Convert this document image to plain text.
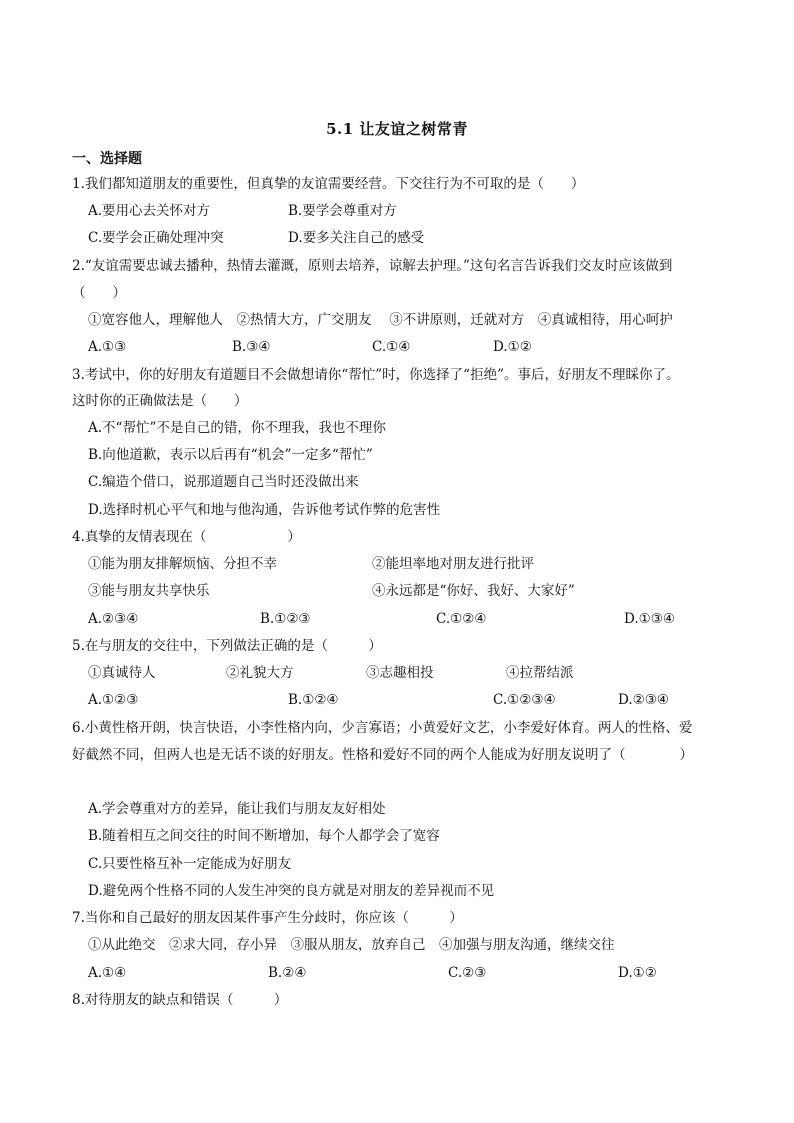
5.1 让友谊之树常青
一、选择题
1.我们都知道朋友的重要性，但真挚的友谊需要经营。下交往行为不可取的是（　　）
A.要用心去关怀对方	B.要学会尊重对方
C.要学会正确处理冲突	D.要多关注自己的感受
2.“友谊需要忠诚去播种，热情去灌溉，原则去培养，谅解去护理。”这句名言告诉我们交友时应该做到
（　　）
①宽容他人，理解他人　②热情大方，广交朋友　 ③不讲原则，迁就对方　④真诚相待，用心呵护
A.①③	B.③④	C.①④	D.①②
3.考试中，你的好朋友有道题目不会做想请你“帮忙”时，你选择了“拒绝”。事后，好朋友不理睬你了。
这时你的正确做法是（　　）
A.不“帮忙”不是自己的错，你不理我，我也不理你
B.向他道歉，表示以后再有“机会”一定多“帮忙”
C.编造个借口，说那道题自己当时还没做出来
D.选择时机心平气和地与他沟通，告诉他考试作弊的危害性
4.真挚的友情表现在（　　　　　　）
①能为朋友排解烦恼、分担不幸	②能坦率地对朋友进行批评
③能与朋友共享快乐	④永远都是“你好、我好、大家好”
A.②③④	B.①②③	C.①②④	D.①③④
5.在与朋友的交往中，下列做法正确的是（　　　）
①真诚待人	②礼貌大方	③志趣相投	④拉帮结派
A.①②③	B.①②④	C.①②③④	D.②③④
6.小黄性格开朗，快言快语，小李性格内向，少言寡语；小黄爱好文艺，小李爱好体育。两人的性格、爱
好截然不同，但两人也是无话不谈的好朋友。性格和爱好不同的两个人能成为好朋友说明了（　　　　）
A.学会尊重对方的差异，能让我们与朋友友好相处
B.随着相互之间交往的时间不断增加，每个人都学会了宽容
C.只要性格互补一定能成为好朋友
D.避免两个性格不同的人发生冲突的良方就是对朋友的差异视而不见
7.当你和自己最好的朋友因某件事产生分歧时，你应该（　　　）
①从此绝交　②求大同，存小异　③服从朋友，放弃自己　④加强与朋友沟通，继续交往
A.①④	B.②④	C.②③	D.①②
8.对待朋友的缺点和错误（　　　）
